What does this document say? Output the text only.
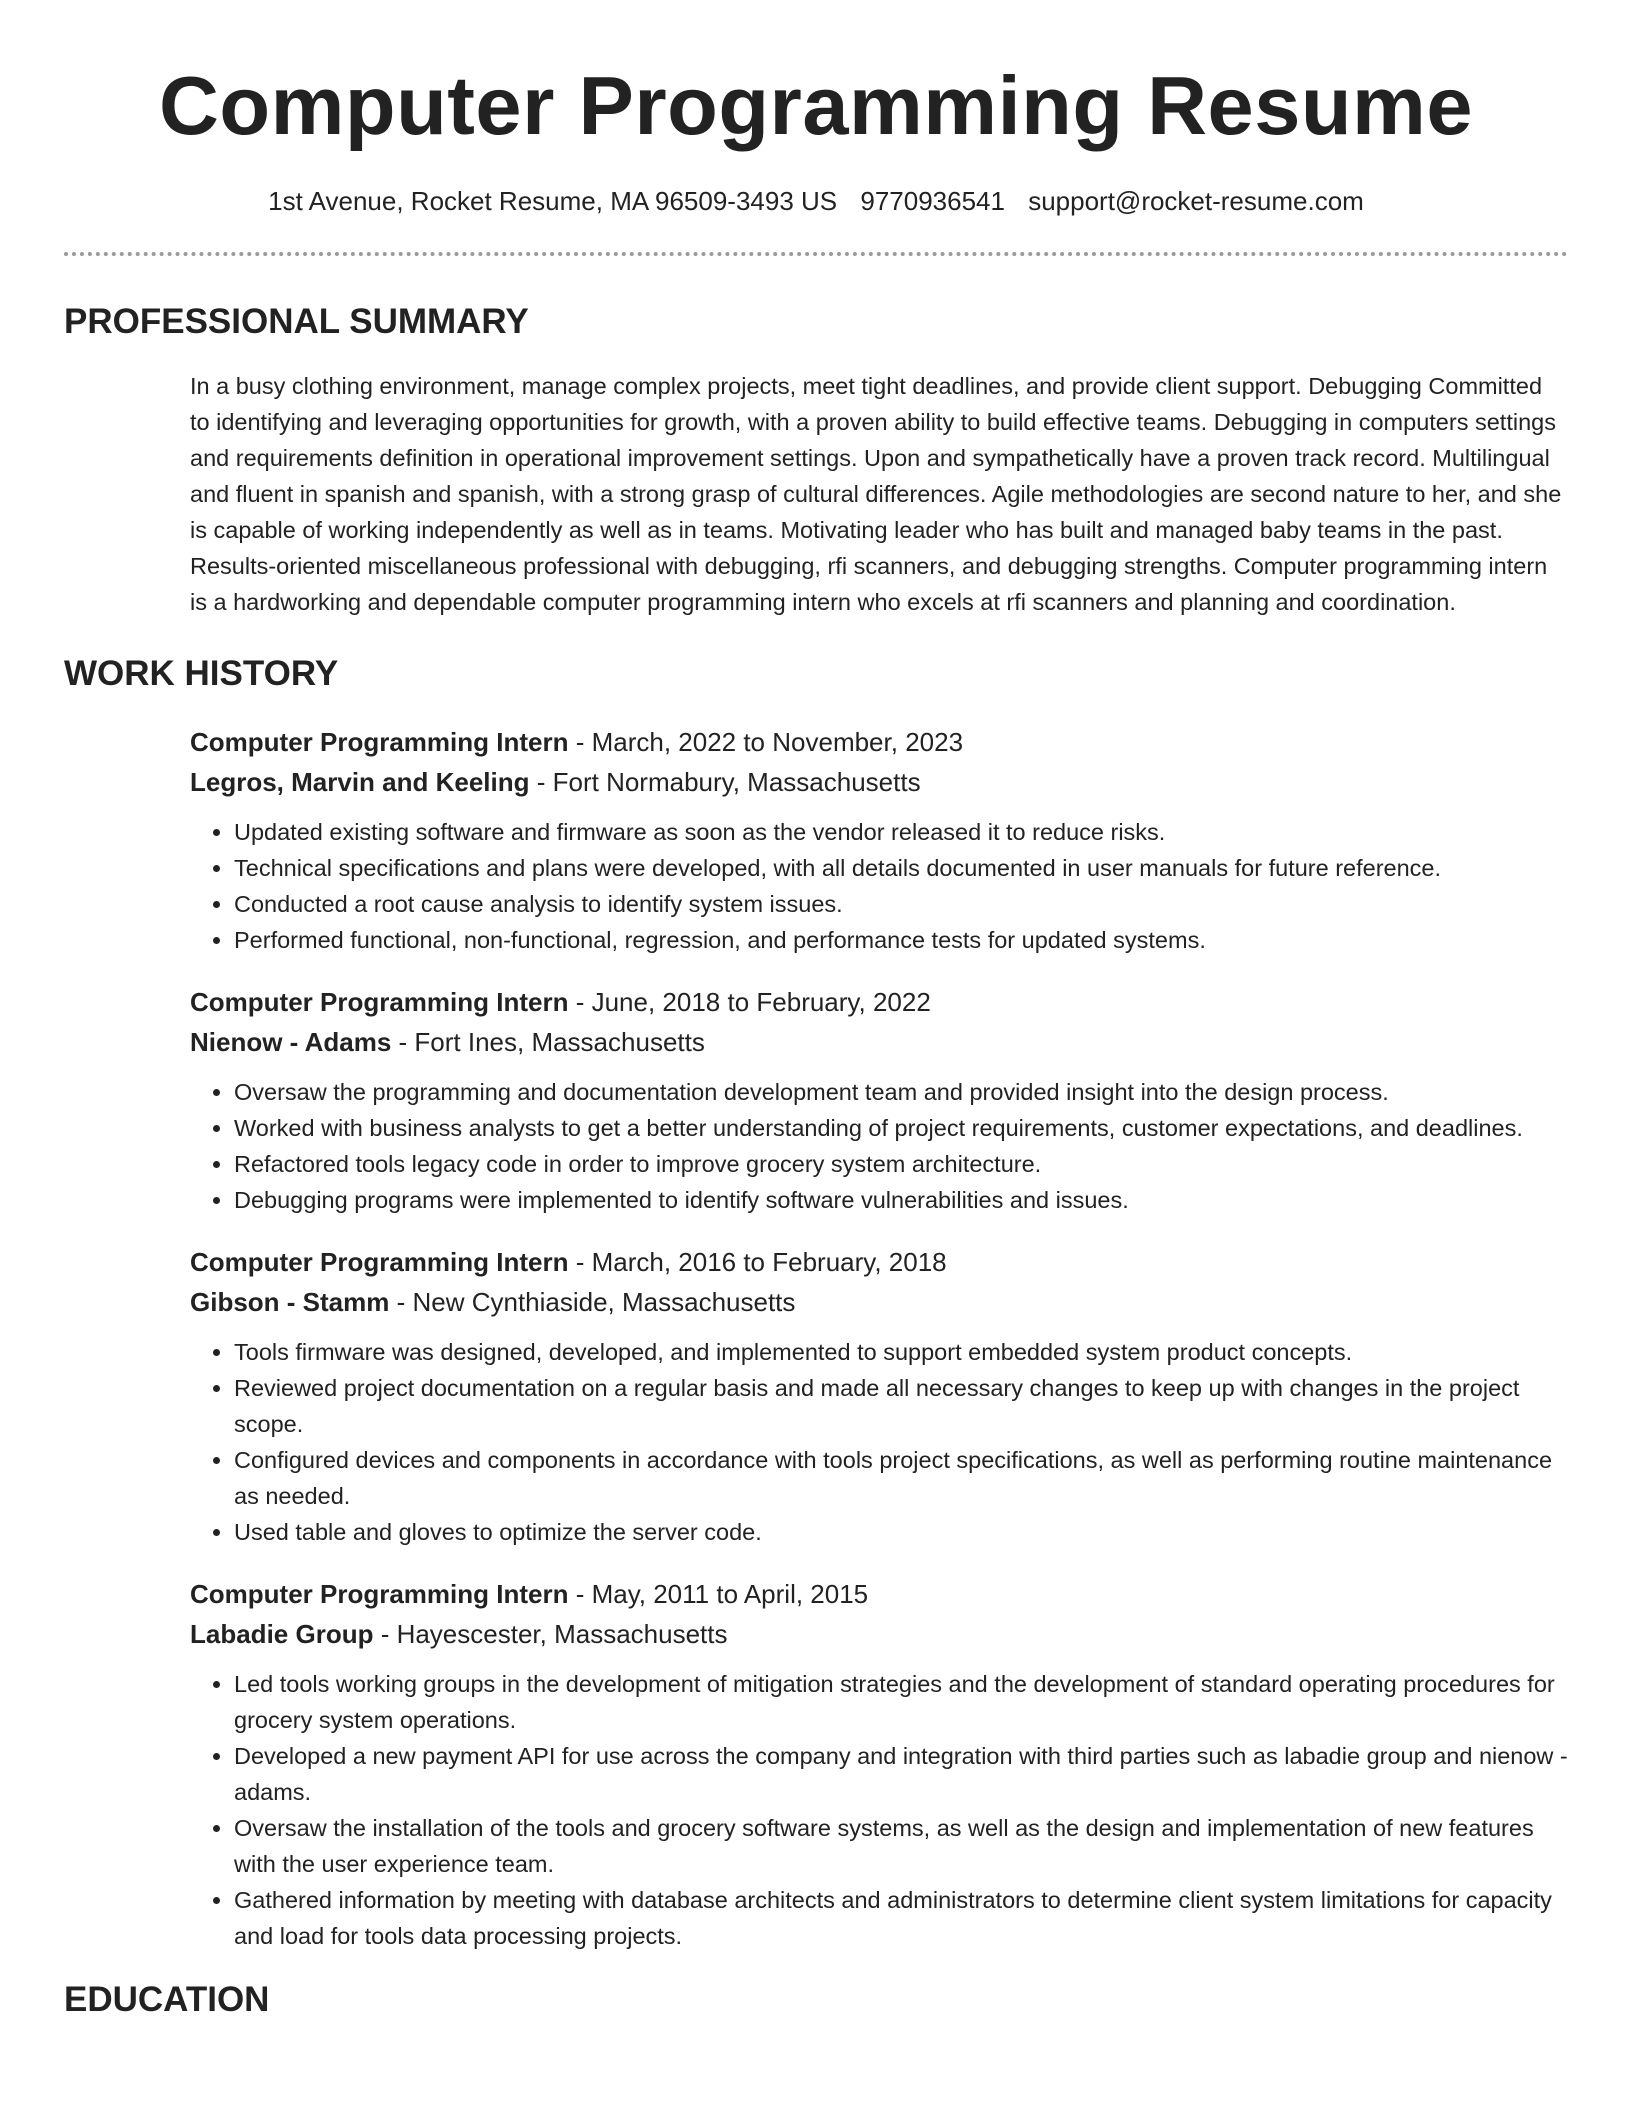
Computer Programming Resume
1st Avenue, Rocket Resume, MA 96509-3493 US 9770936541 support@rocket-resume.com
PROFESSIONAL SUMMARY

In a busy clothing environment, manage complex projects, meet tight deadlines, and provide client support. Debugging Committed to identifying and leveraging opportunities for growth, with a proven ability to build effective teams. Debugging in computers settings and requirements definition in operational improvement settings. Upon and sympathetically have a proven track record. Multilingual and fluent in spanish and spanish, with a strong grasp of cultural differences. Agile methodologies are second nature to her, and she is capable of working independently as well as in teams. Motivating leader who has built and managed baby teams in the past. Results-oriented miscellaneous professional with debugging, rfi scanners, and debugging strengths. Computer programming intern is a hardworking and dependable computer programming intern who excels at rfi scanners and planning and coordination.

WORK HISTORY
Computer Programming Intern - March, 2022 to November, 2023
Legros, Marvin and Keeling - Fort Normabury, Massachusetts
• Updated existing software and firmware as soon as the vendor released it to reduce risks.
• Technical specifications and plans were developed, with all details documented in user manuals for future reference.
• Conducted a root cause analysis to identify system issues.
• Performed functional, non-functional, regression, and performance tests for updated systems.
Computer Programming Intern - June, 2018 to February, 2022
Nienow - Adams - Fort Ines, Massachusetts
• Oversaw the programming and documentation development team and provided insight into the design process.
• Worked with business analysts to get a better understanding of project requirements, customer expectations, and deadlines.
• Refactored tools legacy code in order to improve grocery system architecture.
• Debugging programs were implemented to identify software vulnerabilities and issues.
Computer Programming Intern - March, 2016 to February, 2018
Gibson - Stamm - New Cynthiaside, Massachusetts
• Tools firmware was designed, developed, and implemented to support embedded system product concepts.
• Reviewed project documentation on a regular basis and made all necessary changes to keep up with changes in the project scope.
• Configured devices and components in accordance with tools project specifications, as well as performing routine maintenance as needed.
• Used table and gloves to optimize the server code.
Computer Programming Intern - May, 2011 to April, 2015
Labadie Group - Hayescester, Massachusetts
• Led tools working groups in the development of mitigation strategies and the development of standard operating procedures for grocery system operations.
• Developed a new payment API for use across the company and integration with third parties such as labadie group and nienow - adams.
• Oversaw the installation of the tools and grocery software systems, as well as the design and implementation of new features with the user experience team.
• Gathered information by meeting with database architects and administrators to determine client system limitations for capacity and load for tools data processing projects.
EDUCATION
